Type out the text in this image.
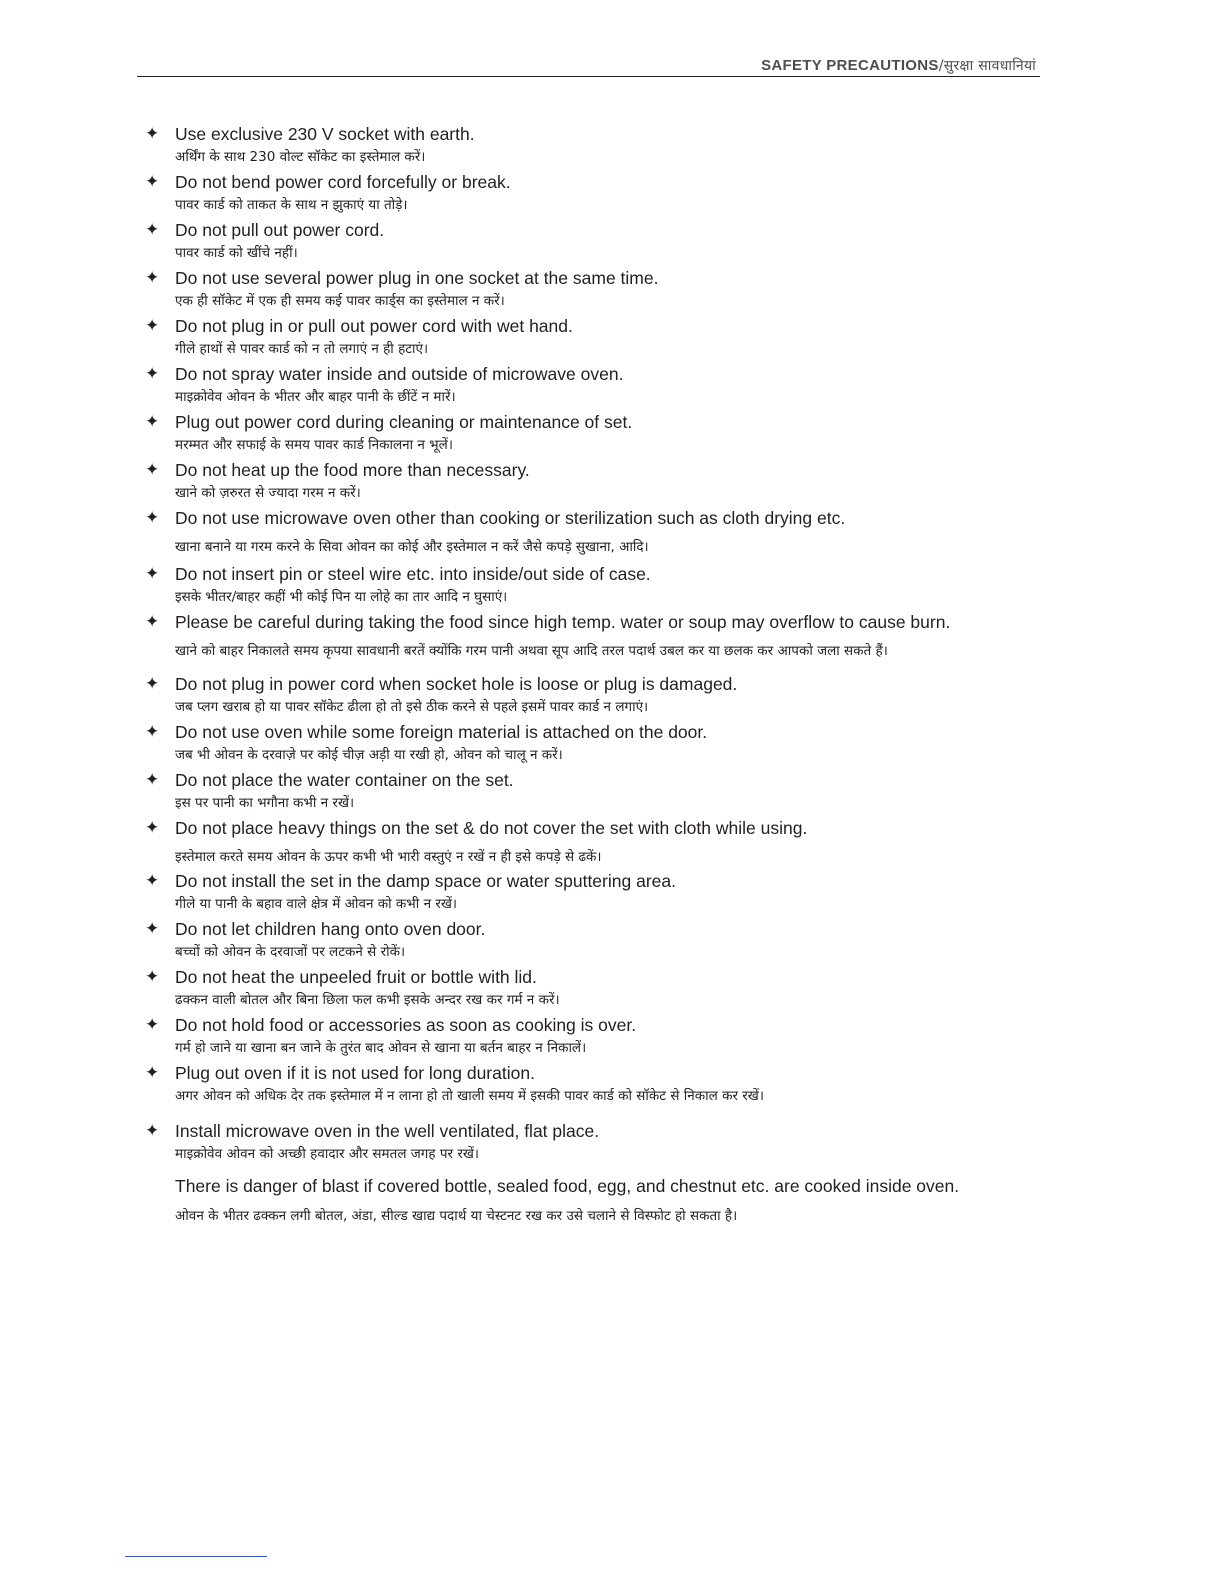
SAFETY PRECAUTIONS/सुरक्षा सावधानियां
✦ Use exclusive 230 V socket with earth.
अर्थिंग के साथ 230 वोल्ट सॉकेट का इस्तेमाल करें।
✦ Do not bend power cord forcefully or break.
पावर कार्ड को ताकत के साथ न झुकाएं या तोड़े।
✦ Do not pull out power cord.
पावर कार्ड को खींचे नहीं।
✦ Do not use several power plug in one socket at the same time.
एक ही सॉकेट में एक ही समय कई पावर कार्ड्स का इस्तेमाल न करें।
✦ Do not plug in or pull out power cord with wet hand.
गीले हाथों से पावर कार्ड को न तो लगाएं न ही हटाएं।
✦ Do not spray water inside and outside of microwave oven.
माइक्रोवेव ओवन के भीतर और बाहर पानी के छींटें न मारें।
✦ Plug out power cord during cleaning or maintenance of set.
मरम्मत और सफाई के समय पावर कार्ड निकालना न भूलें।
✦ Do not heat up the food more than necessary.
खाने को ज़रुरत से ज्यादा गरम न करें।
✦ Do not use microwave oven other than cooking or sterilization such as cloth drying etc.
खाना बनाने या गरम करने के सिवा ओवन का कोई और इस्तेमाल न करें जैसे कपड़े सुखाना, आदि।
✦ Do not insert pin or steel wire etc. into inside/out side of case.
इसके भीतर/बाहर कहीं भी कोई पिन या लोहे का तार आदि न घुसाएं।
✦ Please be careful during taking the food since high temp. water or soup may overflow to cause burn.
खाने को बाहर निकालते समय कृपया सावधानी बरतें क्योंकि गरम पानी अथवा सूप आदि तरल पदार्थ उबल कर या छलक कर आपको जला सकते हैं।
✦ Do not plug in power cord when socket hole is loose or plug is damaged.
जब प्लग खराब हो या पावर सॉकेट ढीला हो तो इसे ठीक करने से पहले इसमें पावर कार्ड न लगाएं।
✦ Do not use oven while some foreign material is attached on the door.
जब भी ओवन के दरवाज़े पर कोई चीज़ अड़ी या रखी हो, ओवन को चालू न करें।
✦ Do not place the water container on the set.
इस पर पानी का भगौना कभी न रखें।
✦ Do not place heavy things on the set & do not cover the set with cloth while using.
इस्तेमाल करते समय ओवन के ऊपर कभी भी भारी वस्तुएं न रखें न ही इसे कपड़े से ढकें।
✦ Do not install the set in the damp space or water sputtering area.
गीले या पानी के बहाव वाले क्षेत्र में ओवन को कभी न रखें।
✦ Do not let children hang onto oven door.
बच्चों को ओवन के दरवाजों पर लटकने से रोकें।
✦ Do not heat the unpeeled fruit or bottle with lid.
ढक्कन वाली बोतल और बिना छिला फल कभी इसके अन्दर रख कर गर्म न करें।
✦ Do not hold food or accessories as soon as cooking is over.
गर्म हो जाने या खाना बन जाने के तुरंत बाद ओवन से खाना या बर्तन बाहर न निकालें।
✦ Plug out oven if it is not used for long duration.
अगर ओवन को अधिक देर तक इस्तेमाल में न लाना हो तो खाली समय में इसकी पावर कार्ड को सॉकेट से निकाल कर रखें।
✦ Install microwave oven in the well ventilated, flat place.
माइक्रोवेव ओवन को अच्छी हवादार और समतल जगह पर रखें।
There is danger of blast if covered bottle, sealed food, egg, and chestnut etc. are cooked inside oven.
ओवन के भीतर ढक्कन लगी बोतल, अंडा, सील्ड खाद्य पदार्थ या चेस्टनट रख कर उसे चलाने से विस्फोट हो सकता है।
